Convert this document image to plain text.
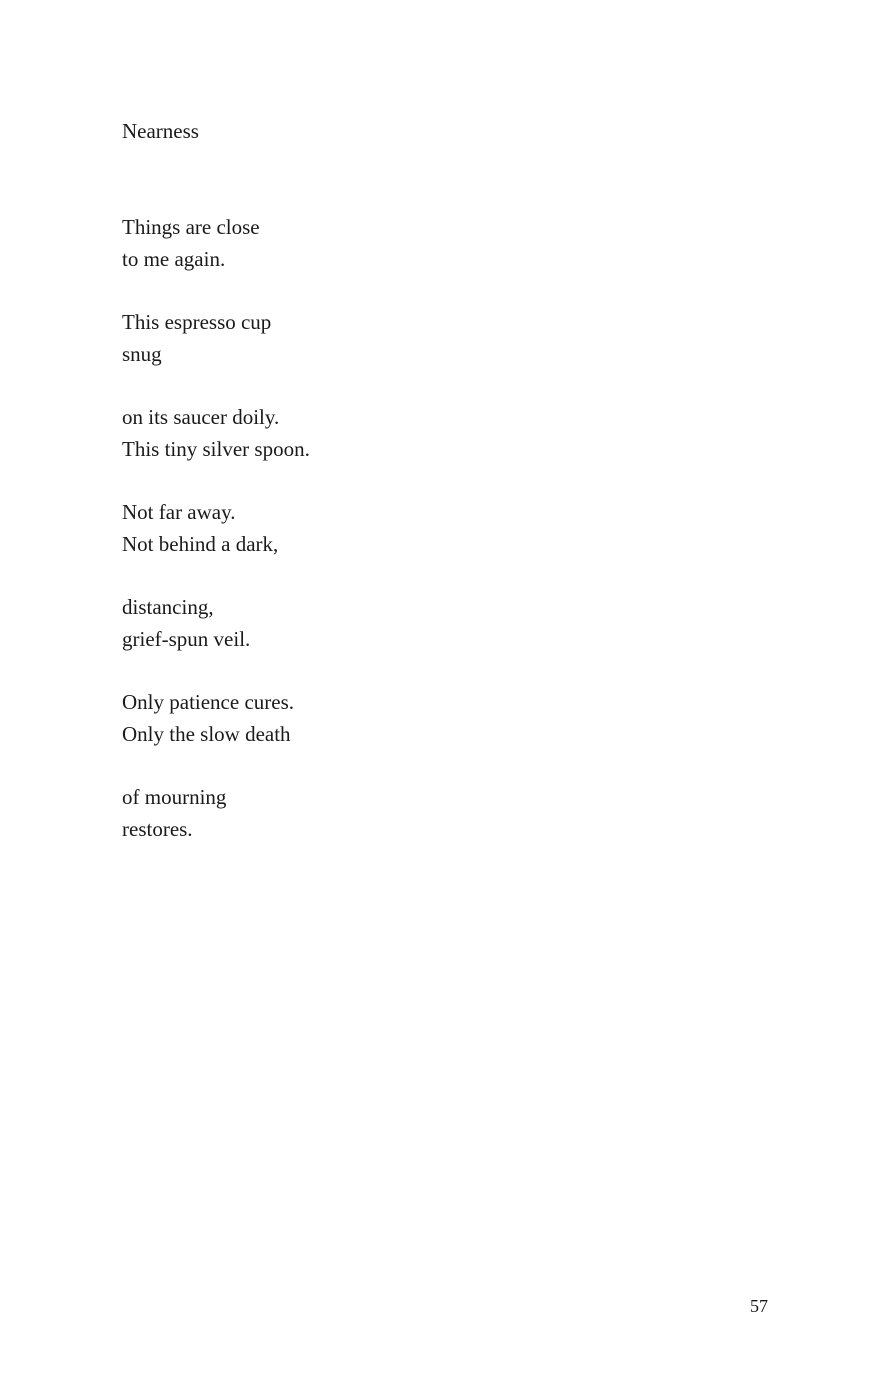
Nearness
Things are close
to me again.
This espresso cup
snug
on its saucer doily.
This tiny silver spoon.
Not far away.
Not behind a dark,
distancing,
grief-spun veil.
Only patience cures.
Only the slow death
of mourning
restores.
57
